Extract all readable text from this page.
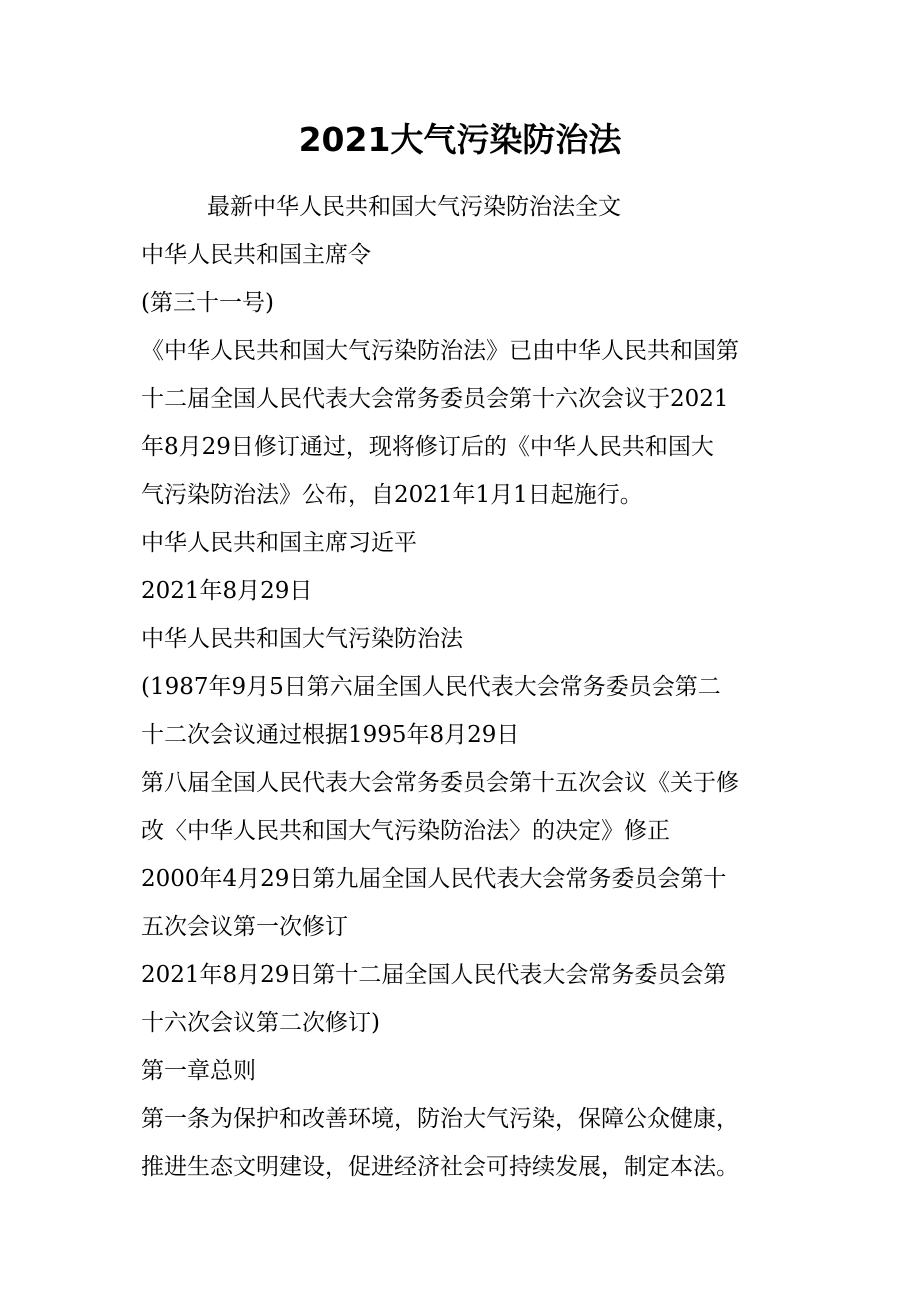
2021大气污染防治法
最新中华人民共和国大气污染防治法全文
中华人民共和国主席令
(第三十一号)
《中华人民共和国大气污染防治法》已由中华人民共和国第
十二届全国人民代表大会常务委员会第十六次会议于2021
年8月29日修订通过，现将修订后的《中华人民共和国大
气污染防治法》公布，自2021年1月1日起施行。
中华人民共和国主席习近平
2021年8月29日
中华人民共和国大气污染防治法
(1987年9月5日第六届全国人民代表大会常务委员会第二
十二次会议通过根据1995年8月29日
第八届全国人民代表大会常务委员会第十五次会议《关于修
改〈中华人民共和国大气污染防治法〉的决定》修正
2000年4月29日第九届全国人民代表大会常务委员会第十
五次会议第一次修订
2021年8月29日第十二届全国人民代表大会常务委员会第
十六次会议第二次修订)
第一章总则
第一条为保护和改善环境，防治大气污染，保障公众健康，
推进生态文明建设，促进经济社会可持续发展，制定本法。
